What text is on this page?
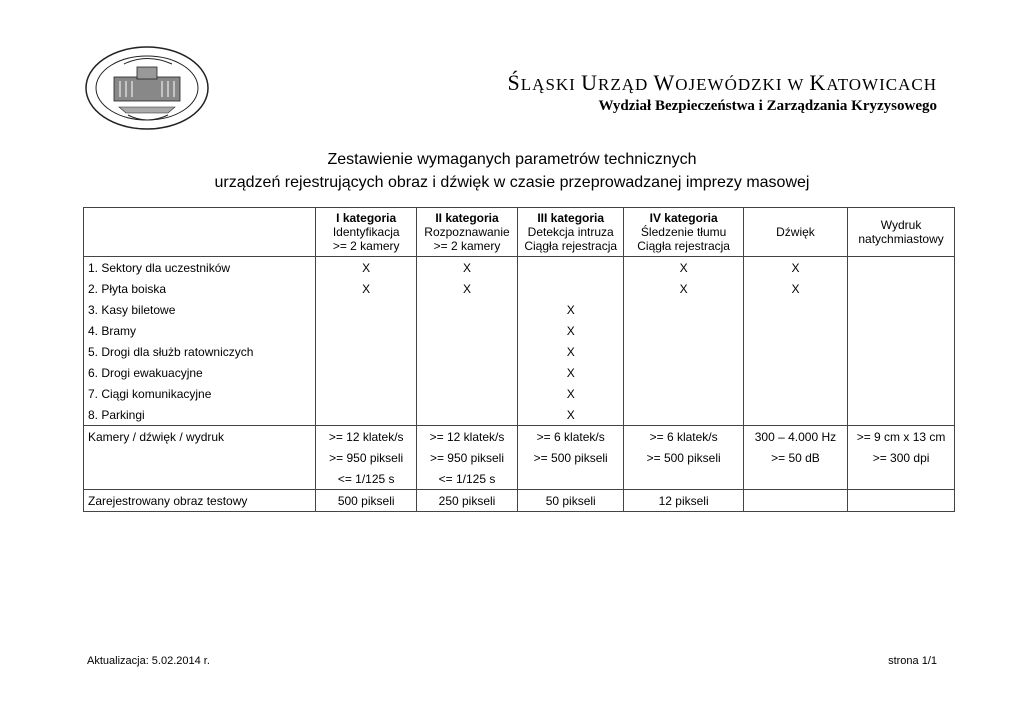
ŚLĄSKI URZĄD WOJEWÓDZKI W KATOWICACH
Wydział Bezpieczeństwa i Zarządzania Kryzysowego
Zestawienie wymaganych parametrów technicznych
urządzeń rejestrujących obraz i dźwięk w czasie przeprowadzanej imprezy masowej
	I kategoria
Identyfikacja
>= 2 kamery	II kategoria
Rozpoznawanie
>= 2 kamery	III kategoria
Detekcja intruza
Ciągła rejestracja	IV kategoria
Śledzenie tłumu
Ciągła rejestracja	Dźwięk	Wydruk
natychmiastowy
1. Sektory dla uczestników	X	X		X	X	
2. Płyta boiska	X	X		X	X	
3. Kasy biletowe			X			
4. Bramy			X			
5. Drogi dla służb ratowniczych			X			
6. Drogi ewakuacyjne			X			
7. Ciągi komunikacyjne			X			
8. Parkingi			X			
Kamery / dźwięk / wydruk	>= 12 klatek/s	>= 12 klatek/s	>= 6 klatek/s	>= 6 klatek/s	300 – 4.000 Hz	>= 9 cm x 13 cm
	>= 950 pikseli	>= 950 pikseli	>= 500 pikseli	>= 500 pikseli	>= 50 dB	>= 300 dpi
	<= 1/125 s	<= 1/125 s				
Zarejestrowany obraz testowy	500 pikseli	250 pikseli	50 pikseli	12 pikseli		
Aktualizacja: 5.02.2014 r.	strona 1/1
